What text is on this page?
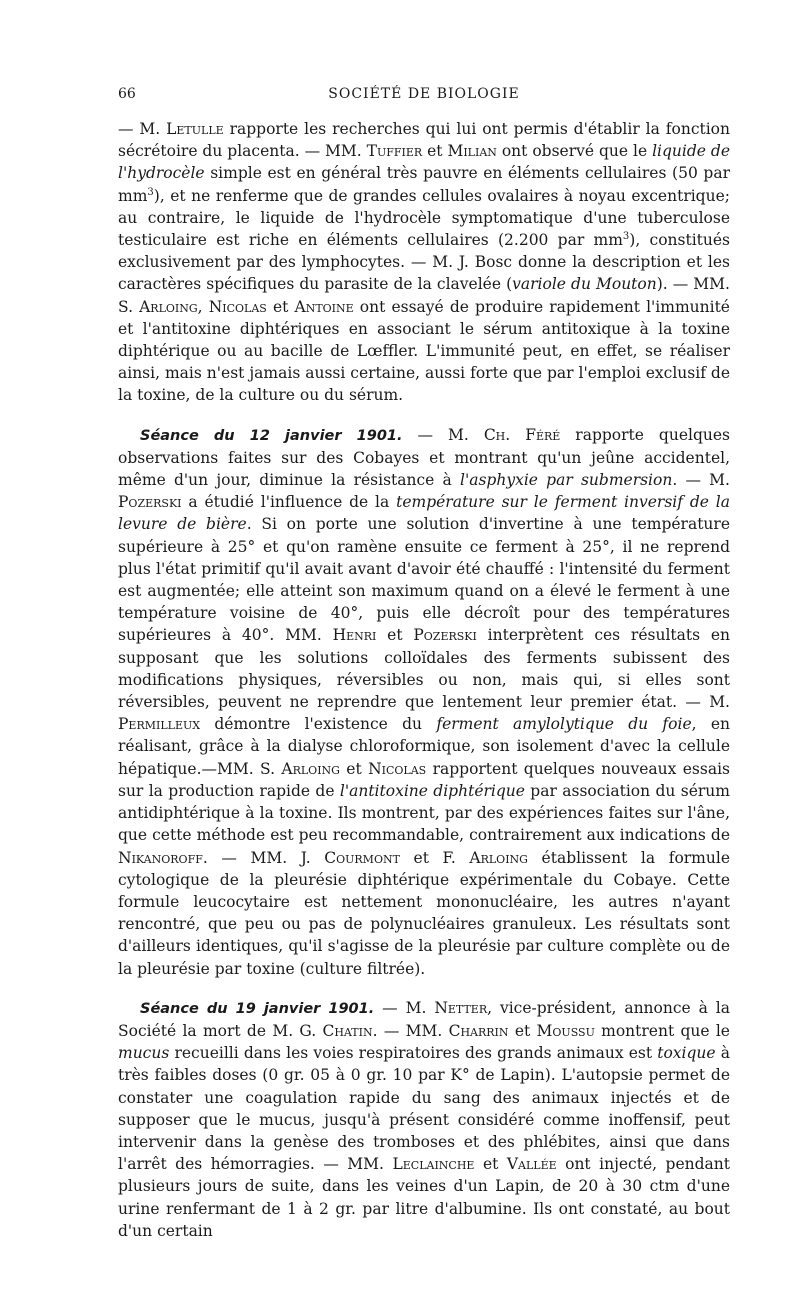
66	SOCIÉTÉ DE BIOLOGIE

— M. Letulle rapporte les recherches qui lui ont permis d'établir la fonction sécrétoire du placenta. — MM. Tuffier et Milian ont observé que le liquide de l'hydrocèle simple est en général très pauvre en éléments cellulaires (50 par $mm^3$), et ne renferme que de grandes cellules ovalaires à noyau excentrique; au contraire, le liquide de l'hydrocèle symptomatique d'une tuberculose testiculaire est riche en éléments cellulaires (2.200 par $mm^3$), constitués exclusivement par des lymphocytes. — M. J. Bosc donne la description et les caractères spécifiques du parasite de la clavelée (variole du Mouton). — MM. S. Arloing, Nicolas et Antoine ont essayé de produire rapidement l'immunité et l'antitoxine diphtériques en associant le sérum antitoxique à la toxine diphtérique ou au bacille de Lœffler. L'immunité peut, en effet, se réaliser ainsi, mais n'est jamais aussi certaine, aussi forte que par l'emploi exclusif de la toxine, de la culture ou du sérum.

Séance du 12 janvier 1901. — M. Ch. Féré rapporte quelques observations faites sur des Cobayes et montrant qu'un jeûne accidentel, même d'un jour, diminue la résistance à l'asphyxie par submersion. — M. Pozerski a étudié l'influence de la température sur le ferment inversif de la levure de bière. Si on porte une solution d'invertine à une température supérieure à 25° et qu'on ramène ensuite ce ferment à 25°, il ne reprend plus l'état primitif qu'il avait avant d'avoir été chauffé : l'intensité du ferment est augmentée; elle atteint son maximum quand on a élevé le ferment à une température voisine de 40°, puis elle décroît pour des températures supérieures à 40°. MM. Henri et Pozerski interprètent ces résultats en supposant que les solutions colloïdales des ferments subissent des modifications physiques, réversibles ou non, mais qui, si elles sont réversibles, peuvent ne reprendre que lentement leur premier état. — M. Permilleux démontre l'existence du ferment amylolytique du foie, en réalisant, grâce à la dialyse chloroformique, son isolement d'avec la cellule hépatique.—MM. S. Arloing et Nicolas rapportent quelques nouveaux essais sur la production rapide de l'antitoxine diphtérique par association du sérum antidiphtérique à la toxine. Ils montrent, par des expériences faites sur l'âne, que cette méthode est peu recommandable, contrairement aux indications de Nikanoroff. — MM. J. Courmont et F. Arloing établissent la formule cytologique de la pleurésie diphtérique expérimentale du Cobaye. Cette formule leucocytaire est nettement mononucléaire, les autres n'ayant rencontré, que peu ou pas de polynucléaires granuleux. Les résultats sont d'ailleurs identiques, qu'il s'agisse de la pleurésie par culture complète ou de la pleurésie par toxine (culture filtrée).

Séance du 19 janvier 1901. — M. Netter, vice-président, annonce à la Société la mort de M. G. Chatin. — MM. Charrin et Moussu montrent que le mucus recueilli dans les voies respiratoires des grands animaux est toxique à très faibles doses (0 gr. 05 à 0 gr. 10 par K° de Lapin). L'autopsie permet de constater une coagulation rapide du sang des animaux injectés et de supposer que le mucus, jusqu'à présent considéré comme inoffensif, peut intervenir dans la genèse des tromboses et des phlébites, ainsi que dans l'arrêt des hémorragies. — MM. Leclainche et Vallée ont injecté, pendant plusieurs jours de suite, dans les veines d'un Lapin, de 20 à 30 ctm d'une urine renfermant de 1 à 2 gr. par litre d'albumine. Ils ont constaté, au bout d'un certain
